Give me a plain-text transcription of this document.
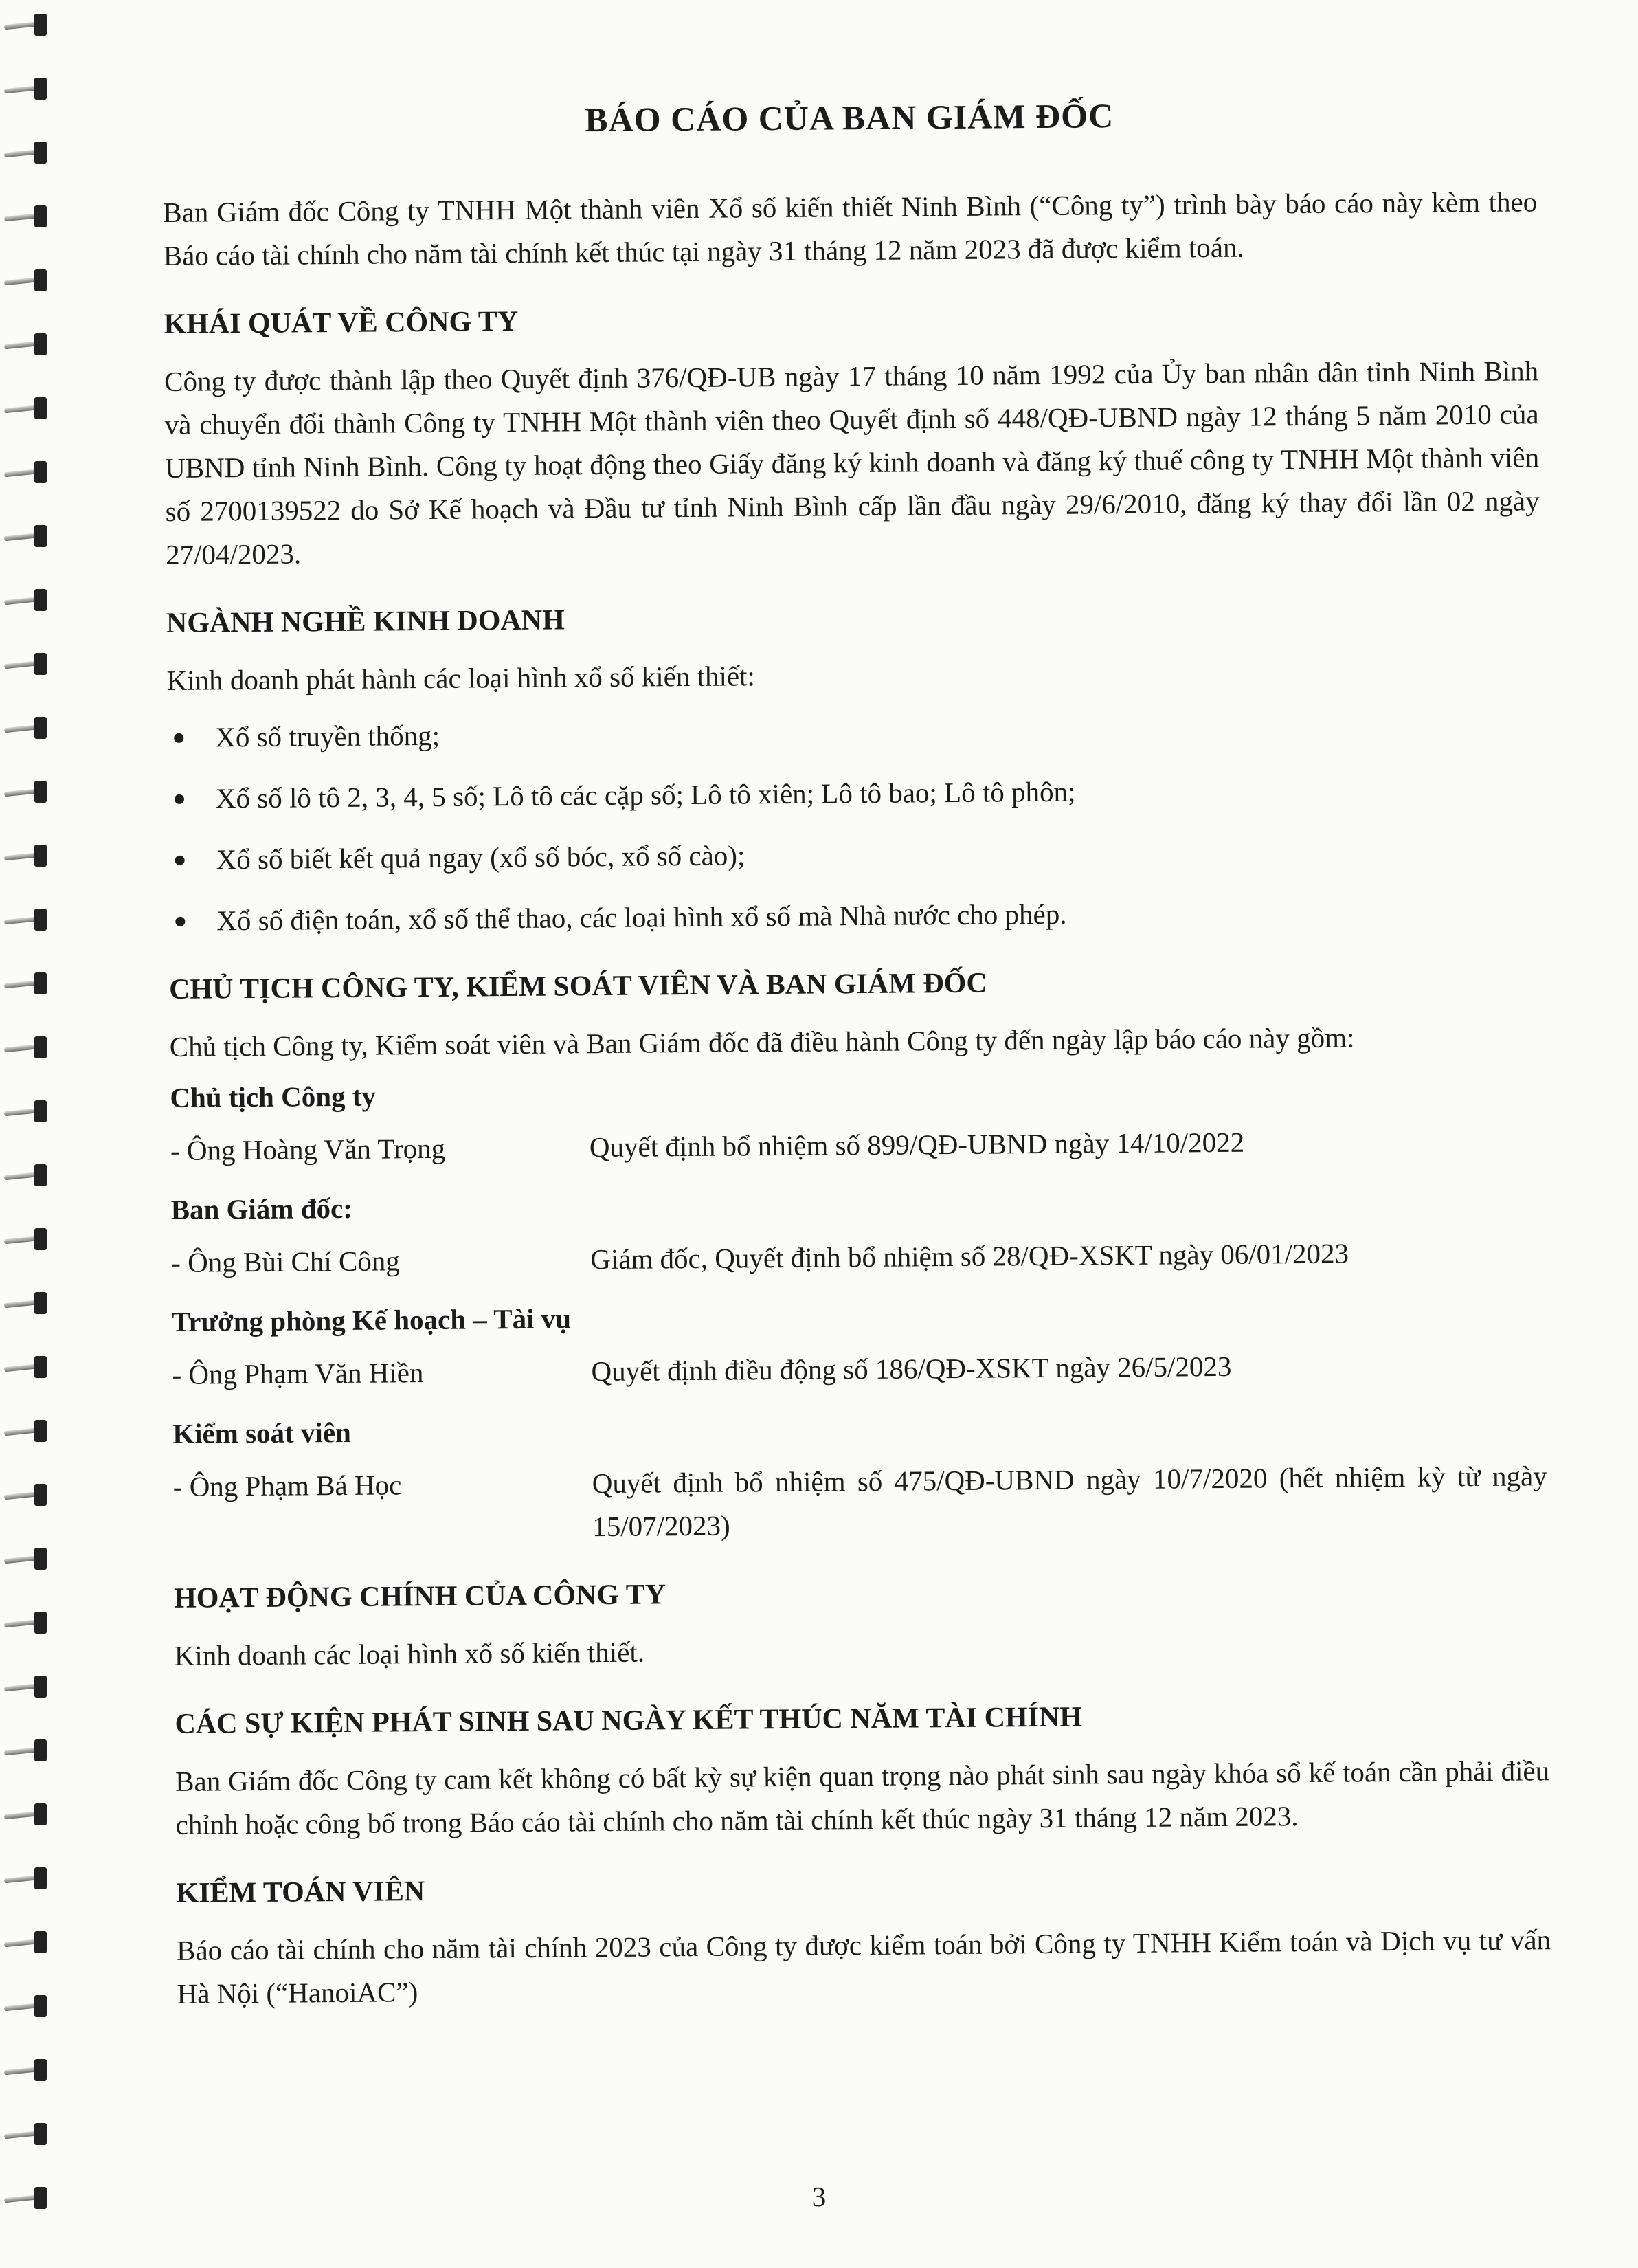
BÁO CÁO CỦA BAN GIÁM ĐỐC

Ban Giám đốc Công ty TNHH Một thành viên Xổ số kiến thiết Ninh Bình (“Công ty”) trình bày báo cáo này kèm theo Báo cáo tài chính cho năm tài chính kết thúc tại ngày 31 tháng 12 năm 2023 đã được kiểm toán.

KHÁI QUÁT VỀ CÔNG TY

Công ty được thành lập theo Quyết định 376/QĐ-UB ngày 17 tháng 10 năm 1992 của Ủy ban nhân dân tỉnh Ninh Bình và chuyển đổi thành Công ty TNHH Một thành viên theo Quyết định số 448/QĐ-UBND ngày 12 tháng 5 năm 2010 của UBND tỉnh Ninh Bình. Công ty hoạt động theo Giấy đăng ký kinh doanh và đăng ký thuế công ty TNHH Một thành viên số 2700139522 do Sở Kế hoạch và Đầu tư tỉnh Ninh Bình cấp lần đầu ngày 29/6/2010, đăng ký thay đổi lần 02 ngày 27/04/2023.

NGÀNH NGHỀ KINH DOANH

Kinh doanh phát hành các loại hình xổ số kiến thiết:

Xổ số truyền thống;
Xổ số lô tô 2, 3, 4, 5 số; Lô tô các cặp số; Lô tô xiên; Lô tô bao; Lô tô phôn;
Xổ số biết kết quả ngay (xổ số bóc, xổ số cào);
Xổ số điện toán, xổ số thể thao, các loại hình xổ số mà Nhà nước cho phép.
CHỦ TỊCH CÔNG TY, KIỂM SOÁT VIÊN VÀ BAN GIÁM ĐỐC

Chủ tịch Công ty, Kiểm soát viên và Ban Giám đốc đã điều hành Công ty đến ngày lập báo cáo này gồm:

Chủ tịch Công ty
- Ông Hoàng Văn Trọng	Quyết định bổ nhiệm số 899/QĐ-UBND ngày 14/10/2022
Ban Giám đốc:
- Ông Bùi Chí Công	Giám đốc, Quyết định bổ nhiệm số 28/QĐ-XSKT ngày 06/01/2023
Trưởng phòng Kế hoạch – Tài vụ
- Ông Phạm Văn Hiền	Quyết định điều động số 186/QĐ-XSKT ngày 26/5/2023
Kiểm soát viên
- Ông Phạm Bá Học	Quyết định bổ nhiệm số 475/QĐ-UBND ngày 10/7/2020 (hết nhiệm kỳ từ ngày 15/07/2023)
HOẠT ĐỘNG CHÍNH CỦA CÔNG TY

Kinh doanh các loại hình xổ số kiến thiết.

CÁC SỰ KIỆN PHÁT SINH SAU NGÀY KẾT THÚC NĂM TÀI CHÍNH

Ban Giám đốc Công ty cam kết không có bất kỳ sự kiện quan trọng nào phát sinh sau ngày khóa sổ kế toán cần phải điều chỉnh hoặc công bố trong Báo cáo tài chính cho năm tài chính kết thúc ngày 31 tháng 12 năm 2023.

KIỂM TOÁN VIÊN

Báo cáo tài chính cho năm tài chính 2023 của Công ty được kiểm toán bởi Công ty TNHH Kiểm toán và Dịch vụ tư vấn Hà Nội (“HanoiAC”)

3
